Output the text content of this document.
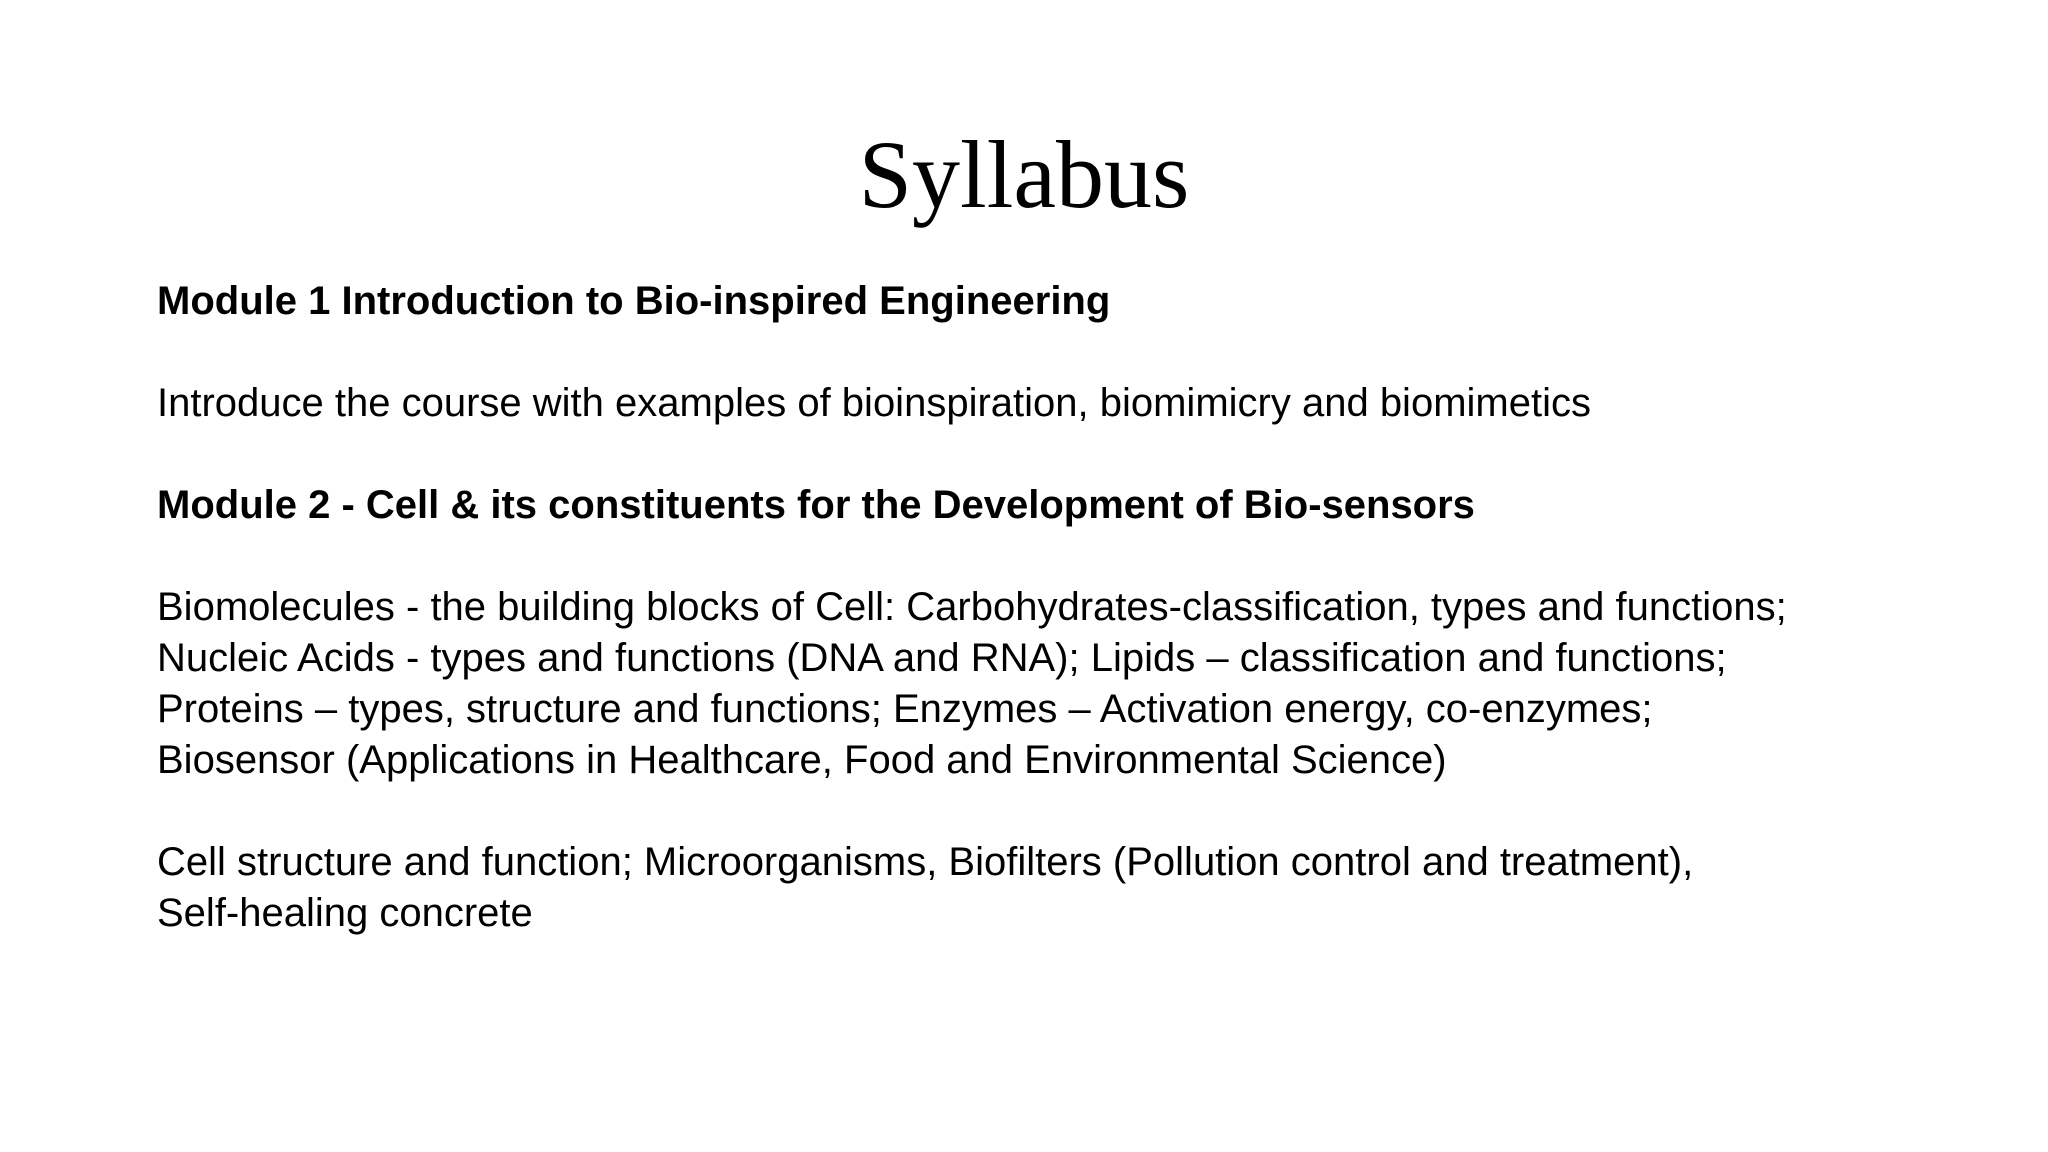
Syllabus

Module 1 Introduction to Bio-inspired Engineering

Introduce the course with examples of bioinspiration, biomimicry and biomimetics

Module 2 - Cell & its constituents for the Development of Bio-sensors

Biomolecules - the building blocks of Cell: Carbohydrates-classification, types and functions;

Nucleic Acids - types and functions (DNA and RNA); Lipids – classification and functions;

Proteins – types, structure and functions; Enzymes – Activation energy, co-enzymes;

Biosensor (Applications in Healthcare, Food and Environmental Science)

Cell structure and function; Microorganisms, Biofilters (Pollution control and treatment),

Self-healing concrete
